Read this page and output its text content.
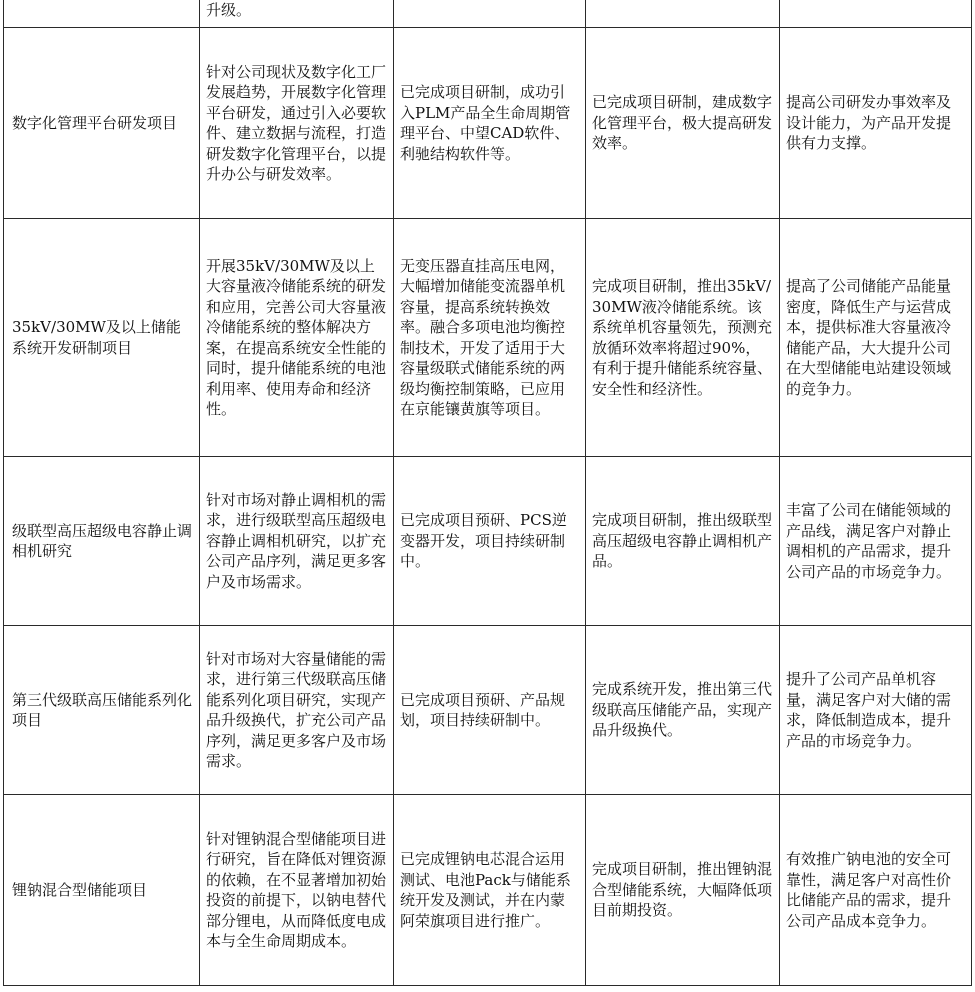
	升级。			
数字化管理平台研发项目	针对公司现状及数字化工厂发展趋势，开展数字化管理平台研发，通过引入必要软件、建立数据与流程，打造研发数字化管理平台，以提升办公与研发效率。	已完成项目研制，成功引入PLM产品全生命周期管理平台、中望CAD软件、利驰结构软件等。	已完成项目研制，建成数字化管理平台，极大提高研发效率。	提高公司研发办事效率及设计能力，为产品开发提供有力支撑。
35kV/30MW及以上储能系统开发研制项目	开展35kV/30MW及以上大容量液冷储能系统的研发和应用，完善公司大容量液冷储能系统的整体解决方案，在提高系统安全性能的同时，提升储能系统的电池利用率、使用寿命和经济性。	无变压器直挂高压电网，大幅增加储能变流器单机容量，提高系统转换效率。融合多项电池均衡控制技术，开发了适用于大容量级联式储能系统的两级均衡控制策略，已应用在京能镶黄旗等项目。	完成项目研制，推出35kV/30MW液冷储能系统。该系统单机容量领先，预测充放循环效率将超过90%，有利于提升储能系统容量、安全性和经济性。	提高了公司储能产品能量密度，降低生产与运营成本，提供标准大容量液冷储能产品，大大提升公司在大型储能电站建设领域的竞争力。
级联型高压超级电容静止调相机研究	针对市场对静止调相机的需求，进行级联型高压超级电容静止调相机研究，以扩充公司产品序列，满足更多客户及市场需求。	已完成项目预研、PCS逆变器开发，项目持续研制中。	完成项目研制，推出级联型高压超级电容静止调相机产品。	丰富了公司在储能领域的产品线，满足客户对静止调相机的产品需求，提升公司产品的市场竞争力。
第三代级联高压储能系列化项目	针对市场对大容量储能的需求，进行第三代级联高压储能系列化项目研究，实现产品升级换代，扩充公司产品序列，满足更多客户及市场需求。	已完成项目预研、产品规划，项目持续研制中。	完成系统开发，推出第三代级联高压储能产品，实现产品升级换代。	提升了公司产品单机容量，满足客户对大储的需求，降低制造成本，提升产品的市场竞争力。
锂钠混合型储能项目	针对锂钠混合型储能项目进行研究，旨在降低对锂资源的依赖，在不显著增加初始投资的前提下，以钠电替代部分锂电，从而降低度电成本与全生命周期成本。	已完成锂钠电芯混合运用测试、电池Pack与储能系统开发及测试，并在内蒙阿荣旗项目进行推广。	完成项目研制，推出锂钠混合型储能系统，大幅降低项目前期投资。	有效推广钠电池的安全可靠性，满足客户对高性价比储能产品的需求，提升公司产品成本竞争力。
